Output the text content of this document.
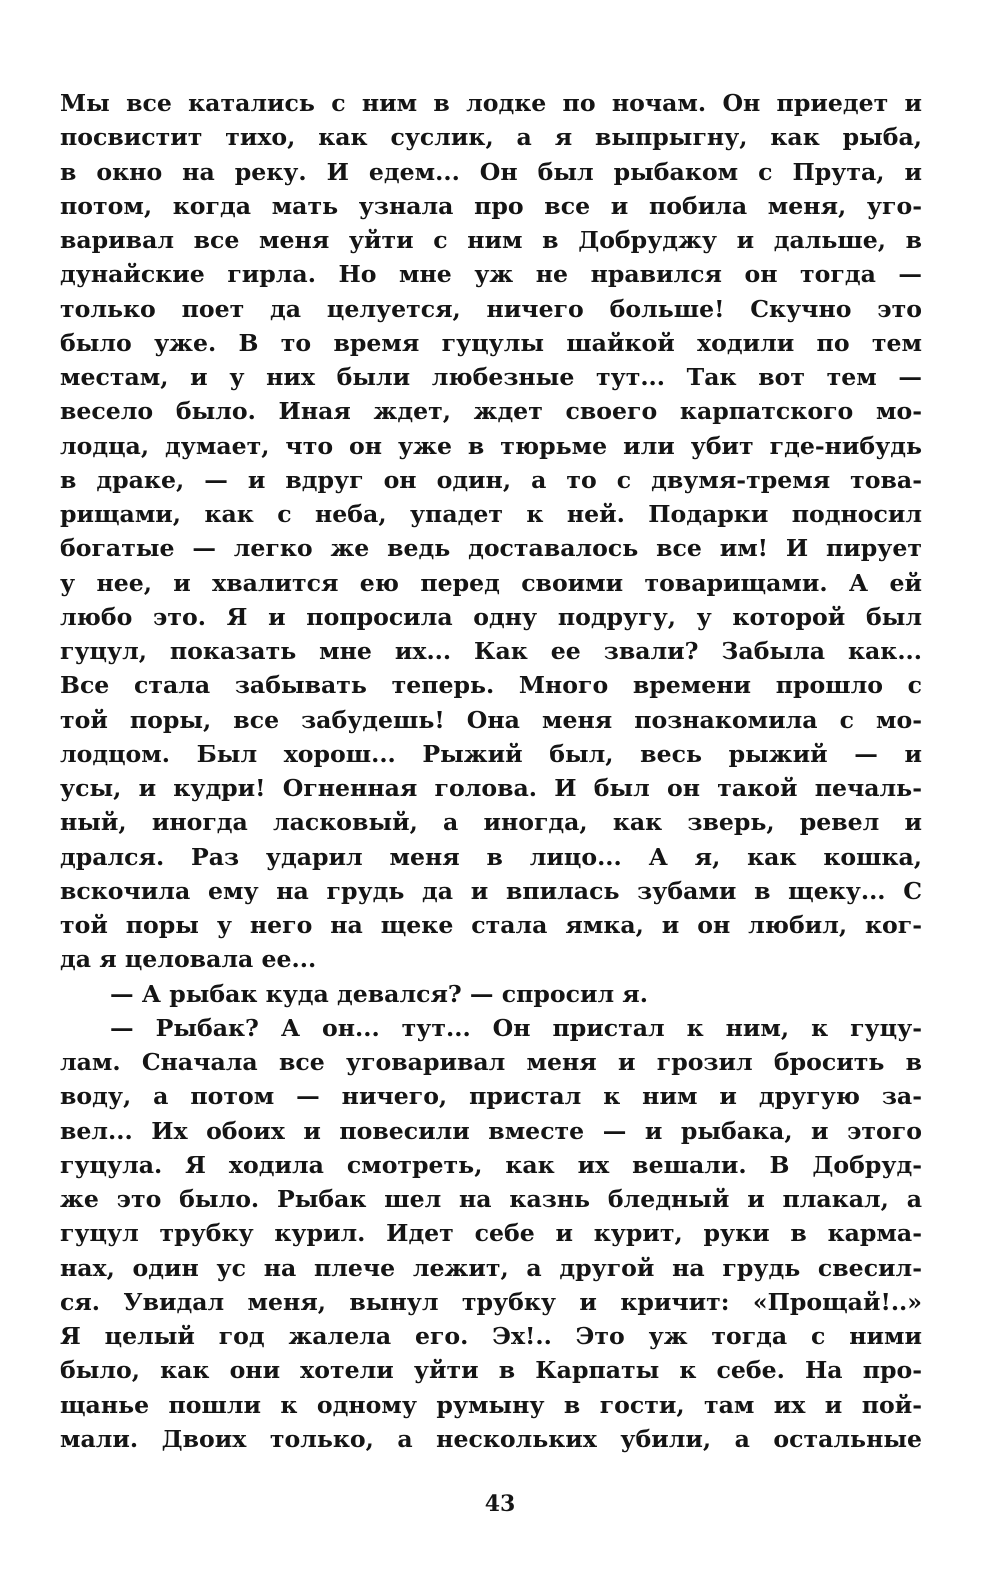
Мы все катались с ним в лодке по ночам. Он приедет и
посвистит тихо, как суслик, а я выпрыгну, как рыба,
в окно на реку. И едем... Он был рыбаком с Прута, и
потом, когда мать узнала про все и побила меня, уго-
варивал все меня уйти с ним в Добруджу и дальше, в
дунайские гирла. Но мне уж не нравился он тогда —
только поет да целуется, ничего больше! Скучно это
было уже. В то время гуцулы шайкой ходили по тем
местам, и у них были любезные тут... Так вот тем —
весело было. Иная ждет, ждет своего карпатского мо-
лодца, думает, что он уже в тюрьме или убит где-нибудь
в драке, — и вдруг он один, а то с двумя-тремя това-
рищами, как с неба, упадет к ней. Подарки подносил
богатые — легко же ведь доставалось все им! И пирует
у нее, и хвалится ею перед своими товарищами. А ей
любо это. Я и попросила одну подругу, у которой был
гуцул, показать мне их... Как ее звали? Забыла как...
Все стала забывать теперь. Много времени прошло с
той поры, все забудешь! Она меня познакомила с мо-
лодцом. Был хорош... Рыжий был, весь рыжий — и
усы, и кудри! Огненная голова. И был он такой печаль-
ный, иногда ласковый, а иногда, как зверь, ревел и
дрался. Раз ударил меня в лицо... А я, как кошка,
вскочила ему на грудь да и впилась зубами в щеку... С
той поры у него на щеке стала ямка, и он любил, ког-
да я целовала ее...
— А рыбак куда девался? — спросил я.
— Рыбак? А он... тут... Он пристал к ним, к гуцу-
лам. Сначала все уговаривал меня и грозил бросить в
воду, а потом — ничего, пристал к ним и другую за-
вел... Их обоих и повесили вместе — и рыбака, и этого
гуцула. Я ходила смотреть, как их вешали. В Добруд-
же это было. Рыбак шел на казнь бледный и плакал, а
гуцул трубку курил. Идет себе и курит, руки в карма-
нах, один ус на плече лежит, а другой на грудь свесил-
ся. Увидал меня, вынул трубку и кричит: «Прощай!..»
Я целый год жалела его. Эх!.. Это уж тогда с ними
было, как они хотели уйти в Карпаты к себе. На про-
щанье пошли к одному румыну в гости, там их и пой-
мали. Двоих только, а нескольких убили, а остальные
43
